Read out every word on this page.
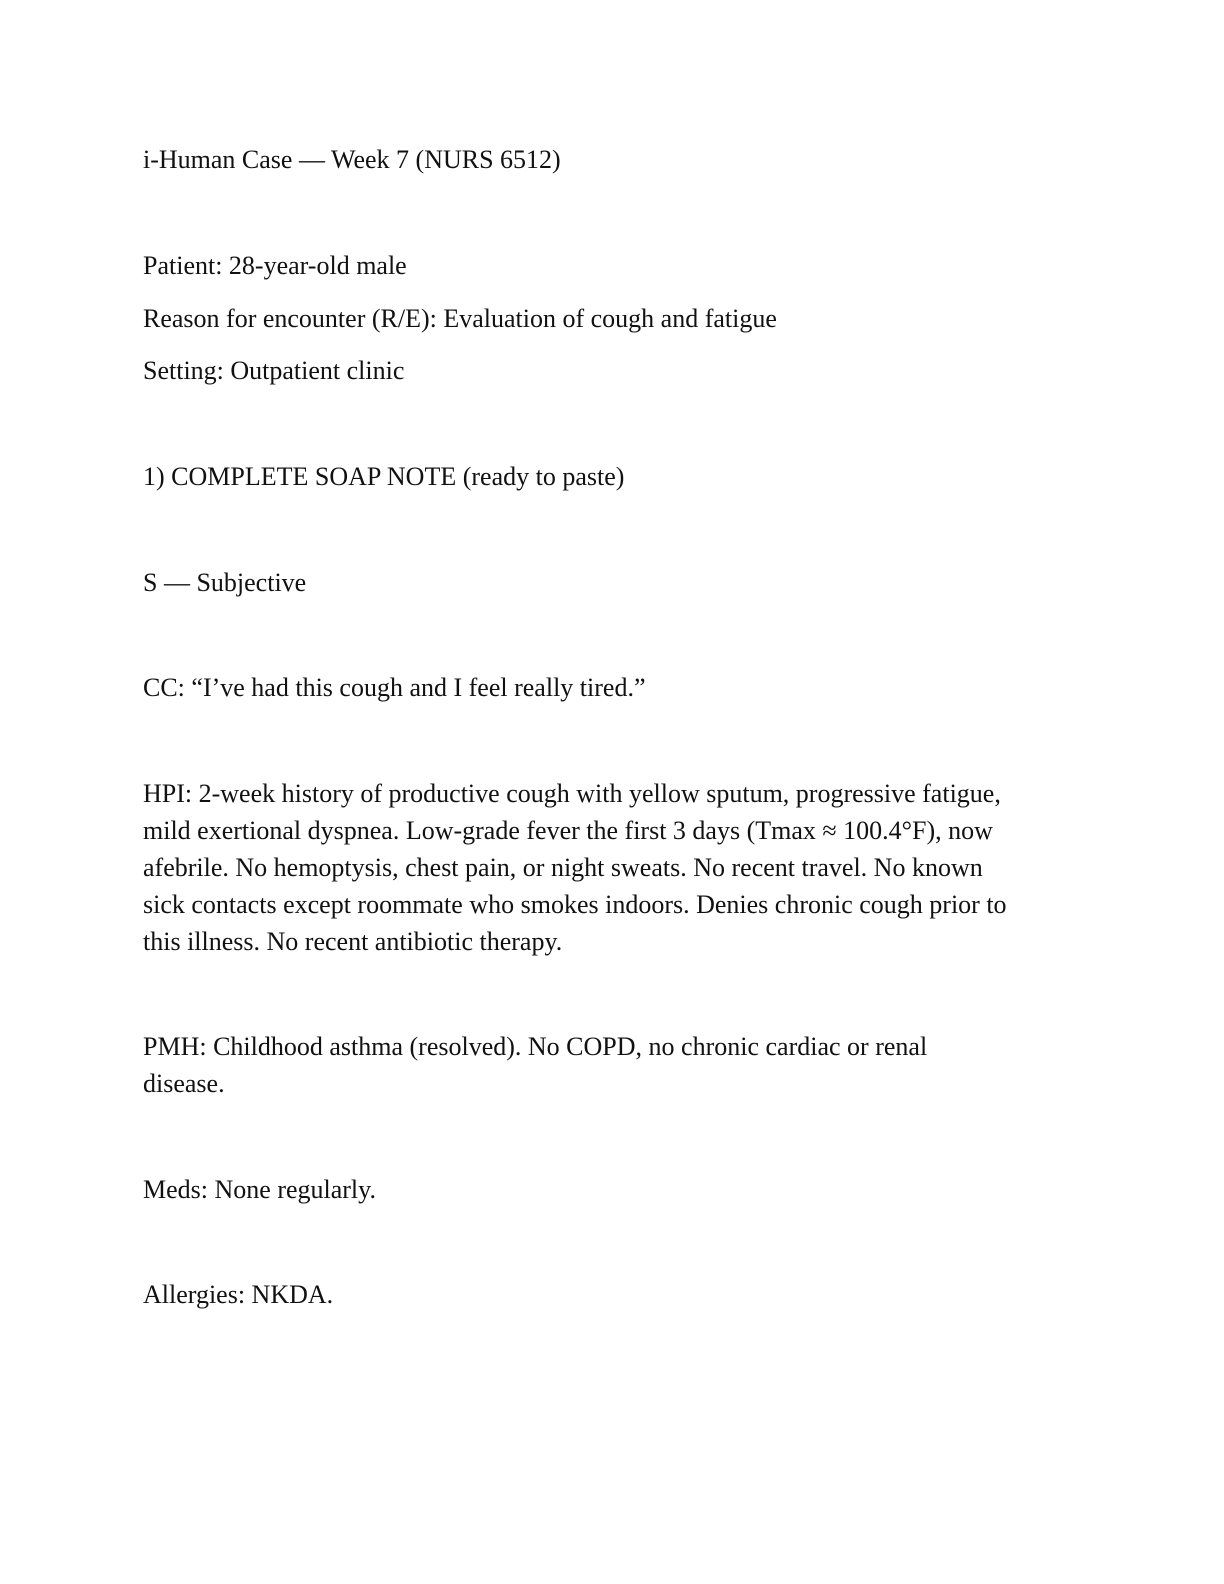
i-Human Case — Week 7 (NURS 6512)

Patient: 28-year-old male

Reason for encounter (R/E): Evaluation of cough and fatigue

Setting: Outpatient clinic

1) COMPLETE SOAP NOTE (ready to paste)

S — Subjective

CC: “I’ve had this cough and I feel really tired.”

HPI: 2-week history of productive cough with yellow sputum, progressive fatigue,
mild exertional dyspnea. Low-grade fever the first 3 days (Tmax ≈ 100.4°F), now
afebrile. No hemoptysis, chest pain, or night sweats. No recent travel. No known
sick contacts except roommate who smokes indoors. Denies chronic cough prior to
this illness. No recent antibiotic therapy.
PMH: Childhood asthma (resolved). No COPD, no chronic cardiac or renal
disease.

Meds: None regularly.

Allergies: NKDA.
